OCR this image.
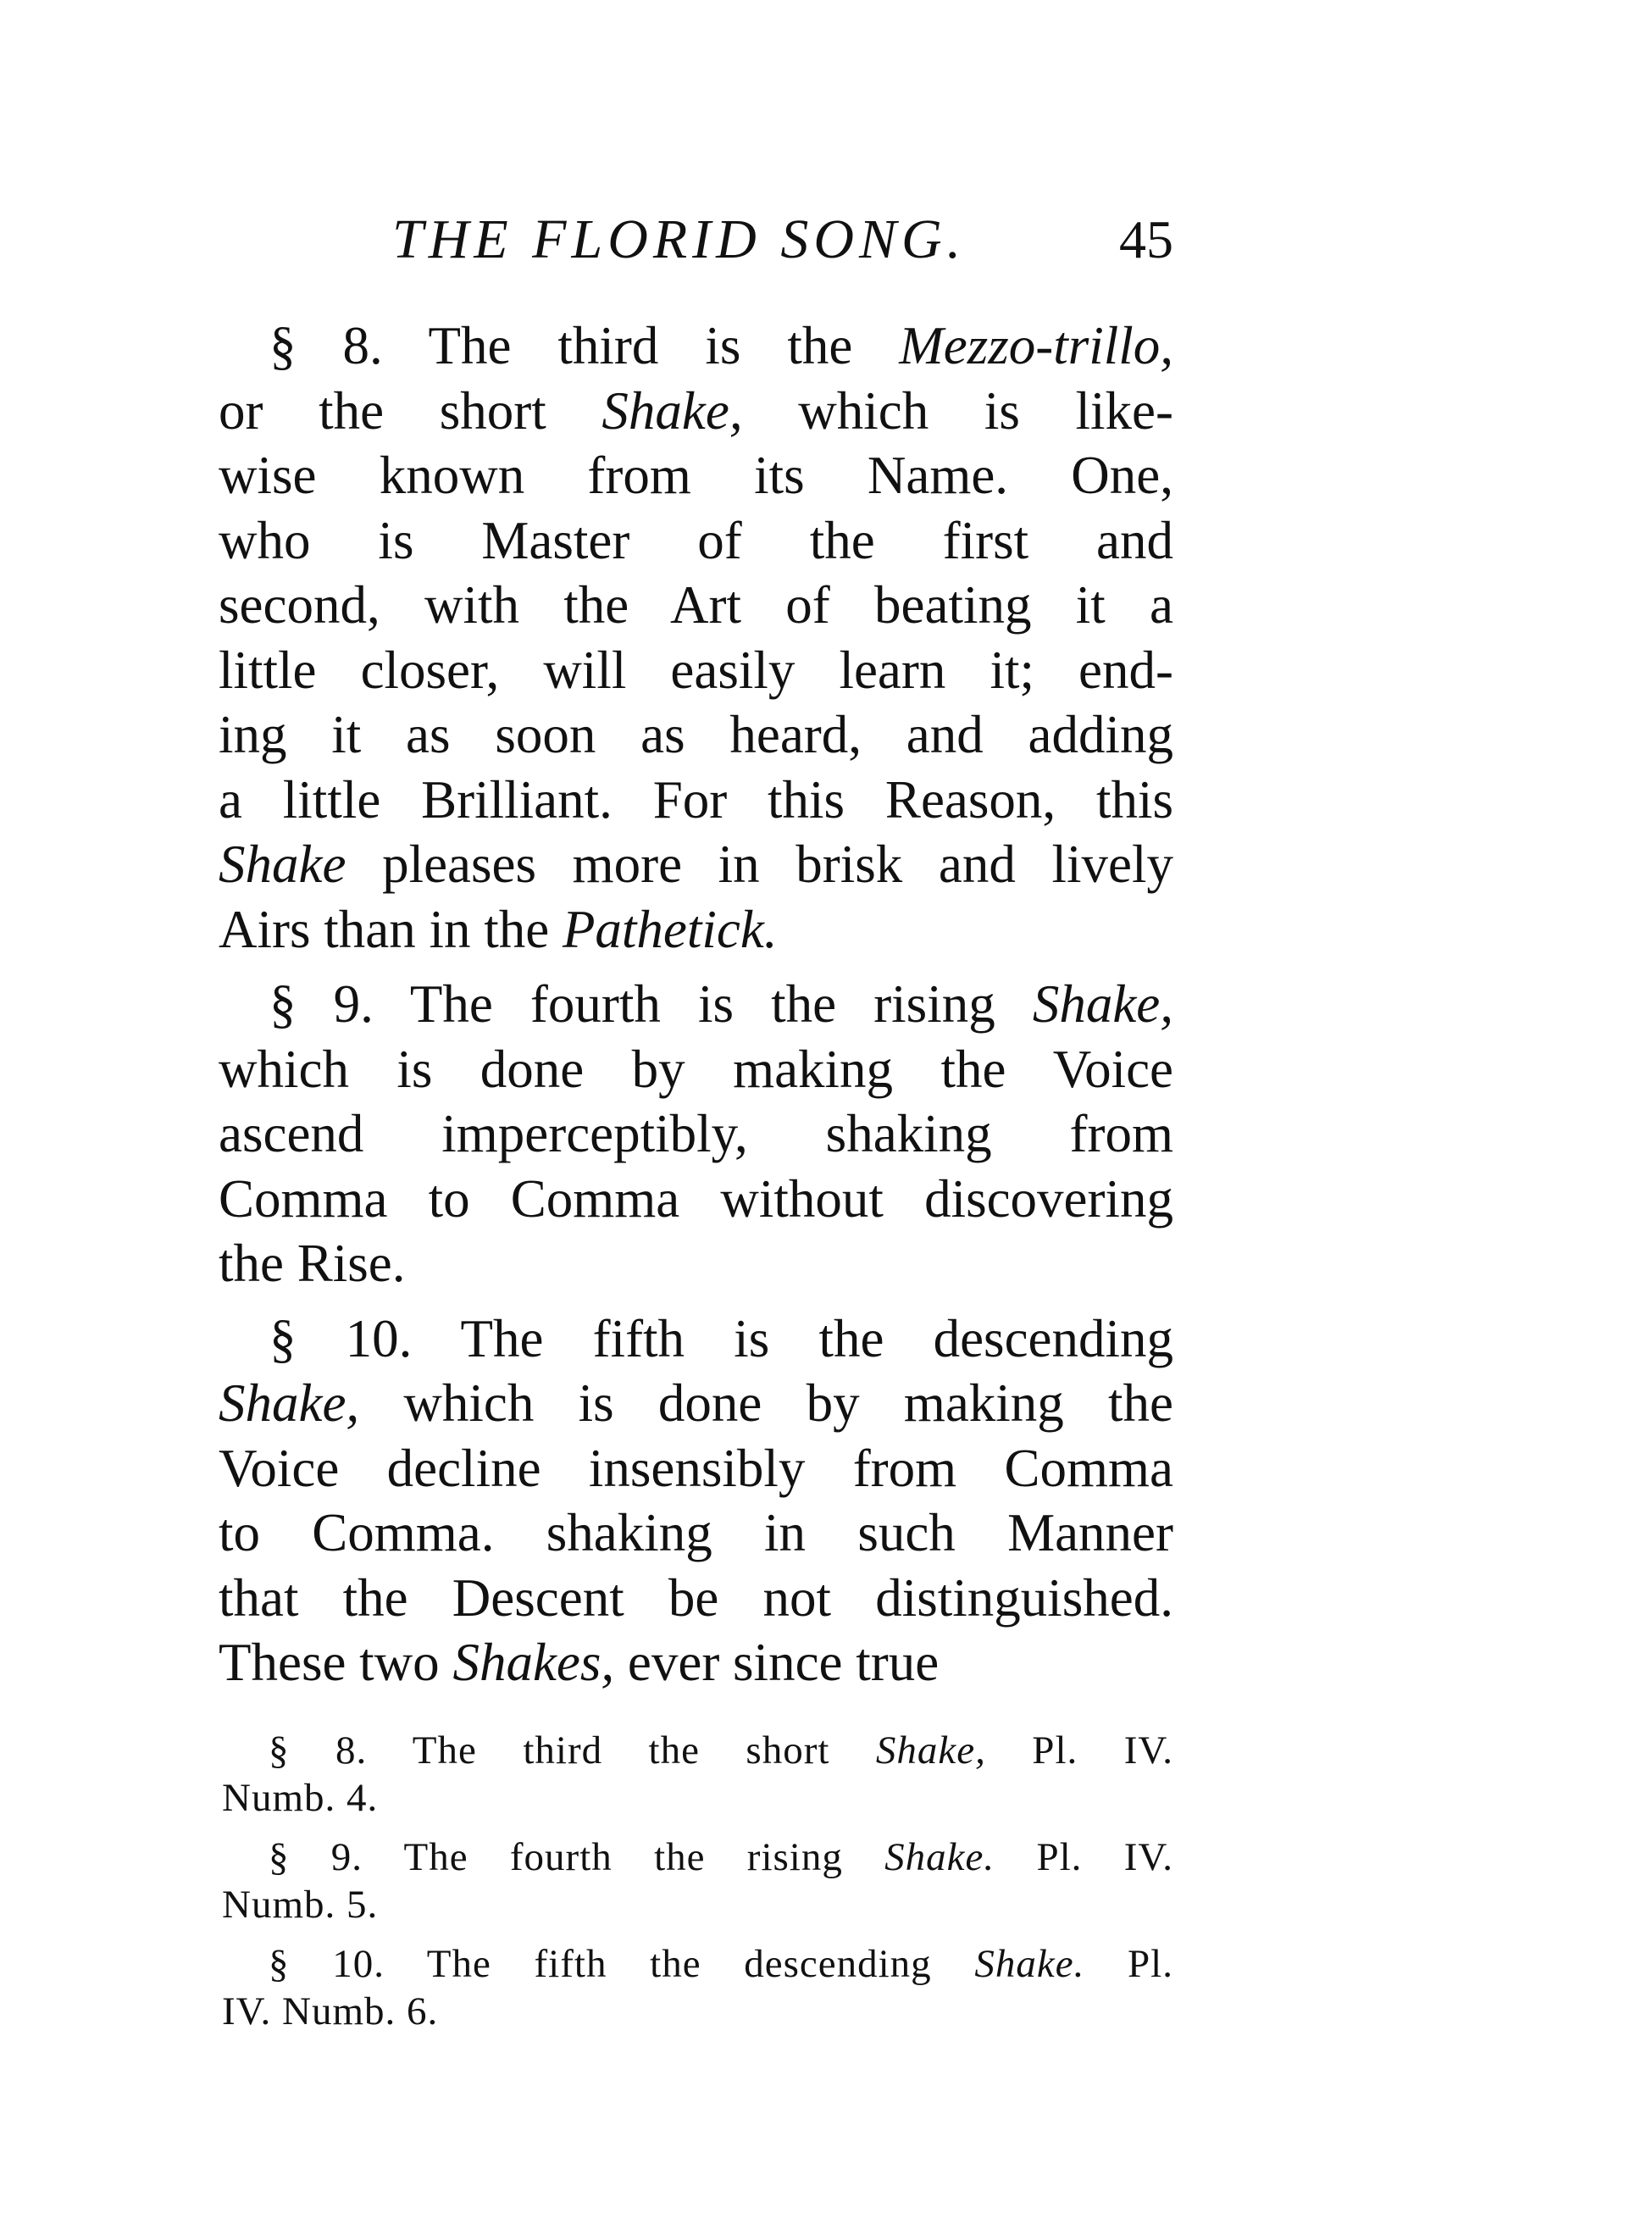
THE FLORID SONG.	45
§ 8. The third is the Mezzo-trillo,
or the short Shake, which is like-
wise known from its Name. One,
who is Master of the first and
second, with the Art of beating it a
little closer, will easily learn it; end-
ing it as soon as heard, and adding
a little Brilliant. For this Reason, this
Shake pleases more in brisk and lively
Airs than in the Pathetick.
§ 9. The fourth is the rising Shake,
which is done by making the Voice
ascend imperceptibly, shaking from
Comma to Comma without discovering
the Rise.
§ 10. The fifth is the descending
Shake, which is done by making the
Voice decline insensibly from Comma
to Comma. shaking in such Manner
that the Descent be not distinguished.
These two Shakes, ever since true
§ 8. The third the short Shake, Pl. IV.
Numb. 4.
§ 9. The fourth the rising Shake. Pl. IV.
Numb. 5.
§ 10. The fifth the descending Shake. Pl.
IV. Numb. 6.
